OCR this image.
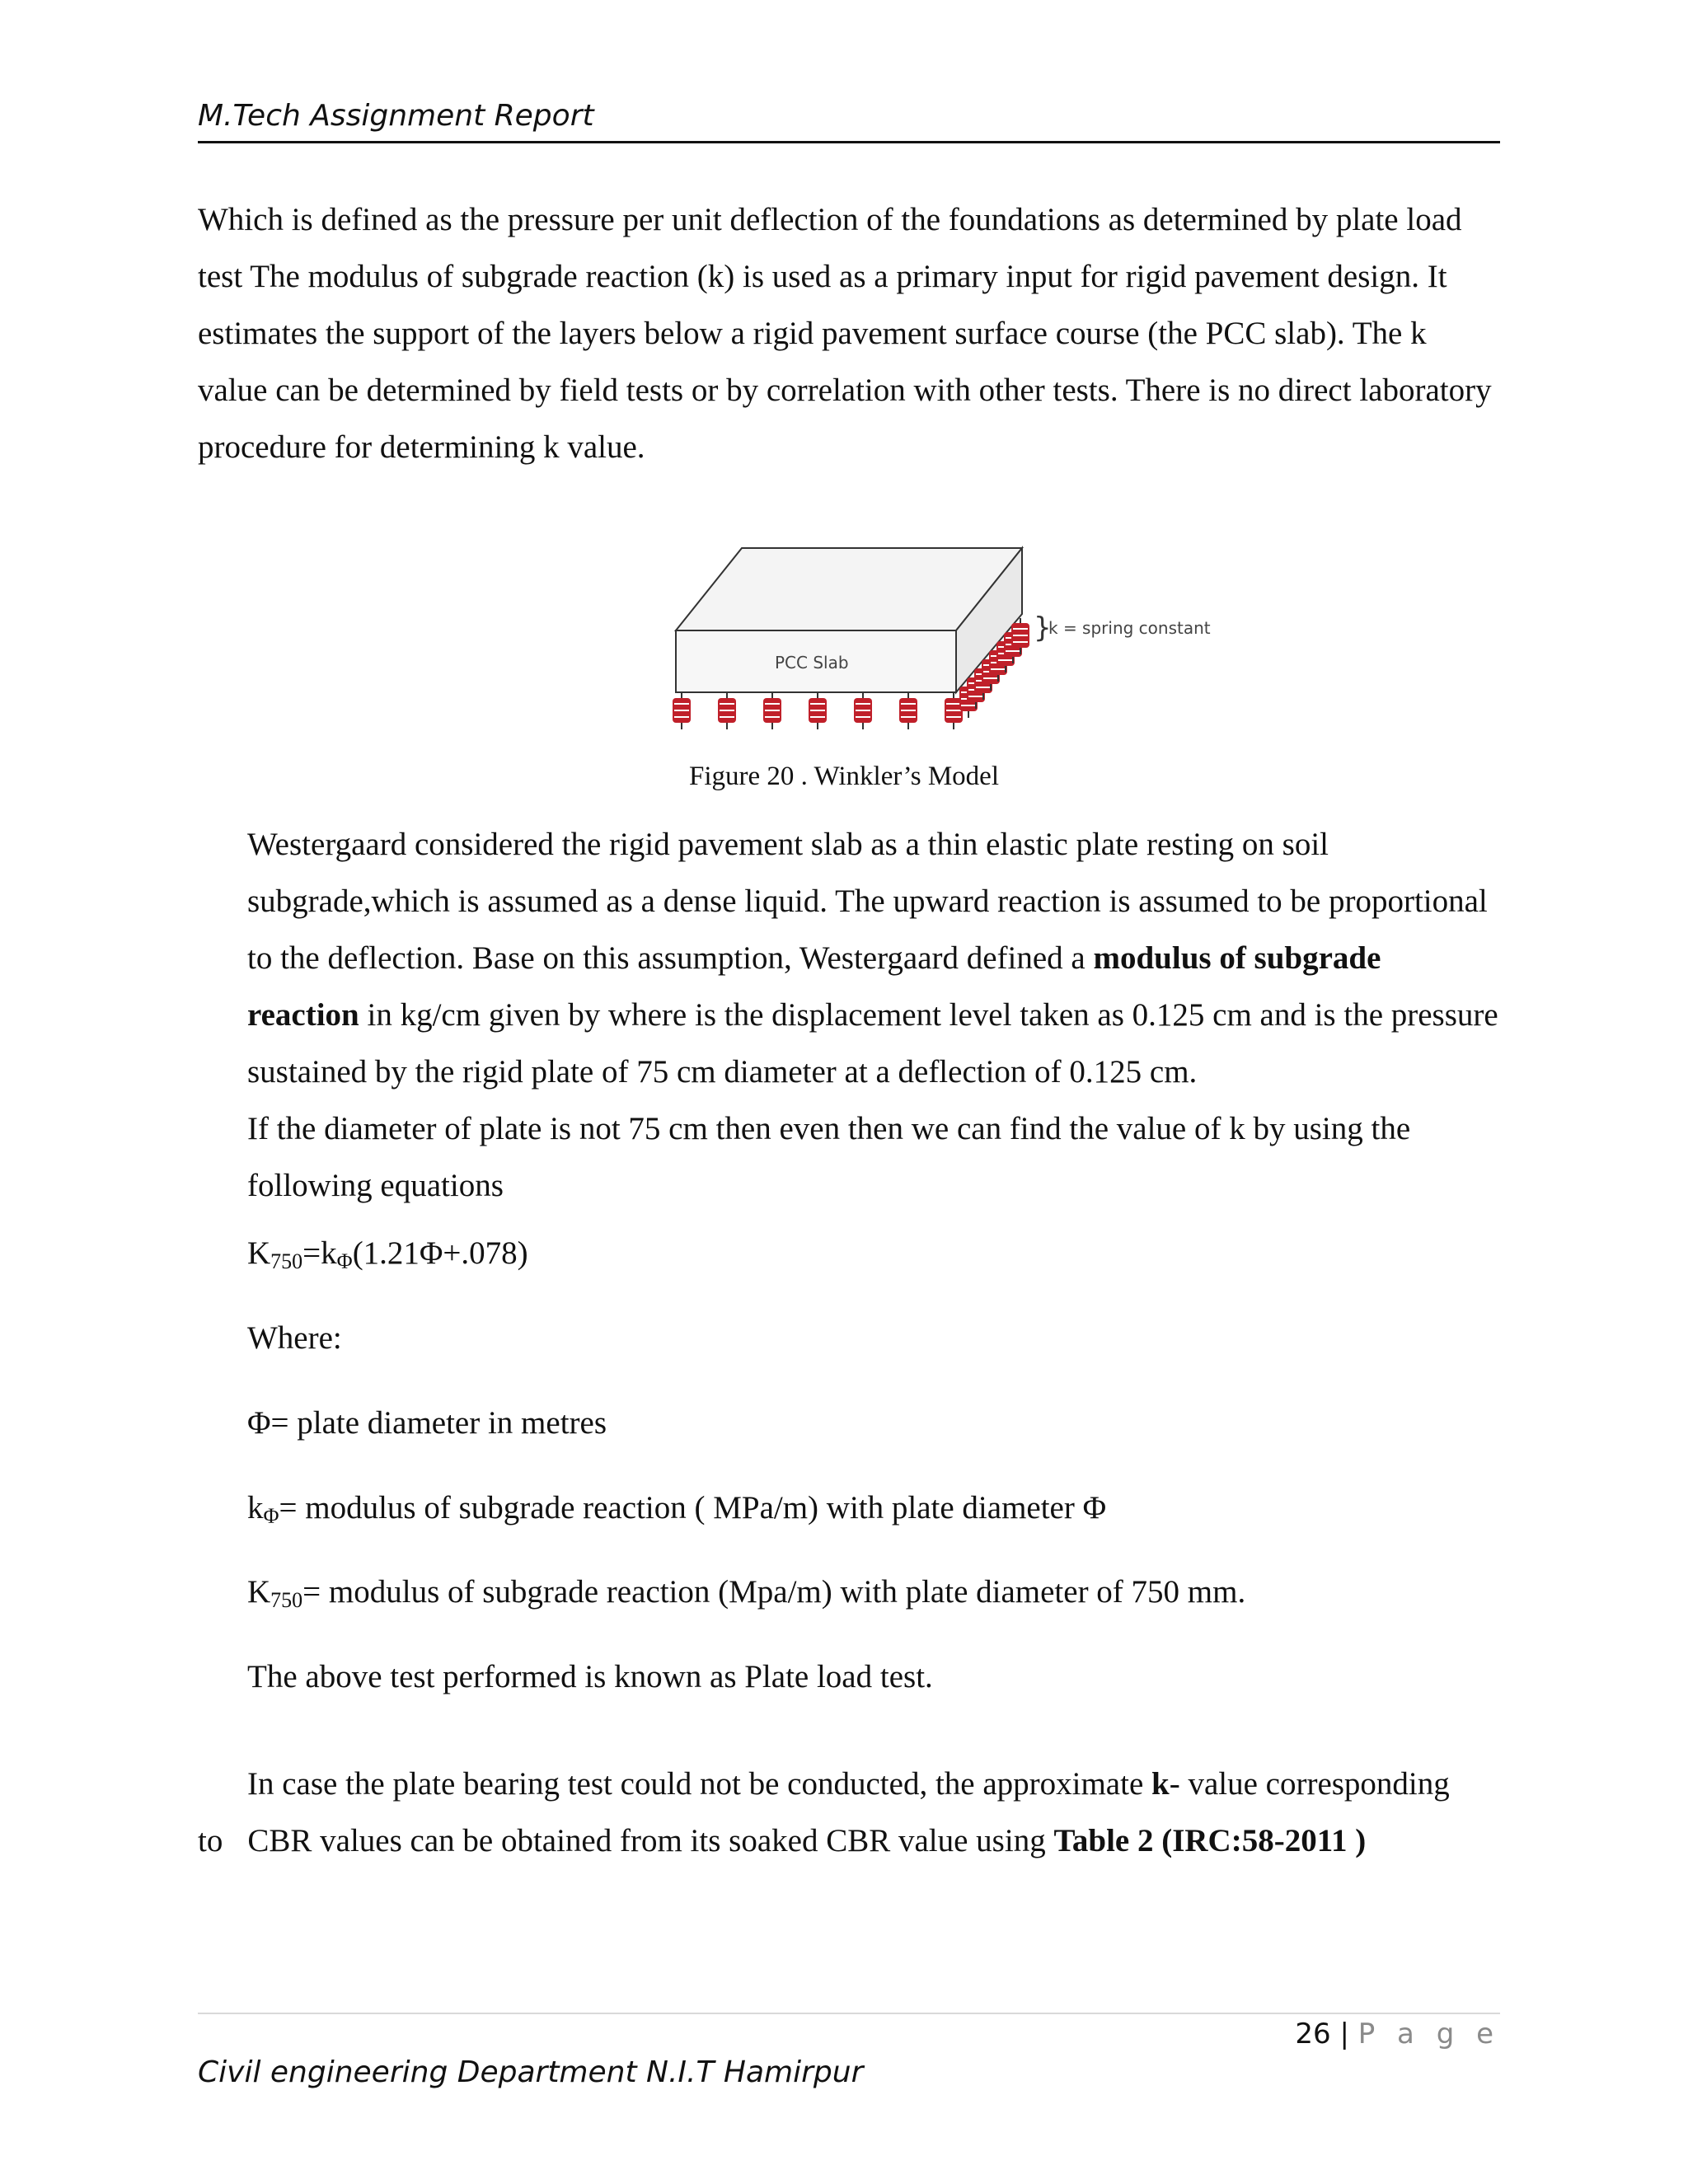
M.Tech Assignment Report

Which is defined as the pressure per unit deflection of the foundations as determined by plate load test The modulus of subgrade reaction (k) is used as a primary input for rigid pavement design. It estimates the support of the layers below a rigid pavement surface course (the PCC slab). The k value can be determined by field tests or by correlation with other tests. There is no direct laboratory procedure for determining k value.

PCC Slab
}
k = spring constant
Figure 20 . Winkler’s Model

Westergaard considered the rigid pavement slab as a thin elastic plate resting on soil subgrade,which is assumed as a dense liquid. The upward reaction is assumed to be proportional to the deflection. Base on this assumption, Westergaard defined a modulus of subgrade reaction in kg/cm given by where is the displacement level taken as 0.125 cm and is the pressure sustained by the rigid plate of 75 cm diameter at a deflection of 0.125 cm.
If the diameter of plate is not 75 cm then even then we can find the value of k by using the following equations

$K_{750}=k_\Phi(1.21\Phi+.078)$
Where:
Φ= plate diameter in metres
$k_\Phi=$ modulus of subgrade reaction ( MPa/m) with plate diameter Φ
$K_{750}=$ modulus of subgrade reaction (Mpa/m) with plate diameter of 750 mm.
The above test performed is known as Plate load test.
In case the plate bearing test could not be conducted, the approximate k- value corresponding
to CBR values can be obtained from its soaked CBR value using Table 2 (IRC:58-2011 )
26 | P a g e
Civil engineering Department N.I.T Hamirpur
